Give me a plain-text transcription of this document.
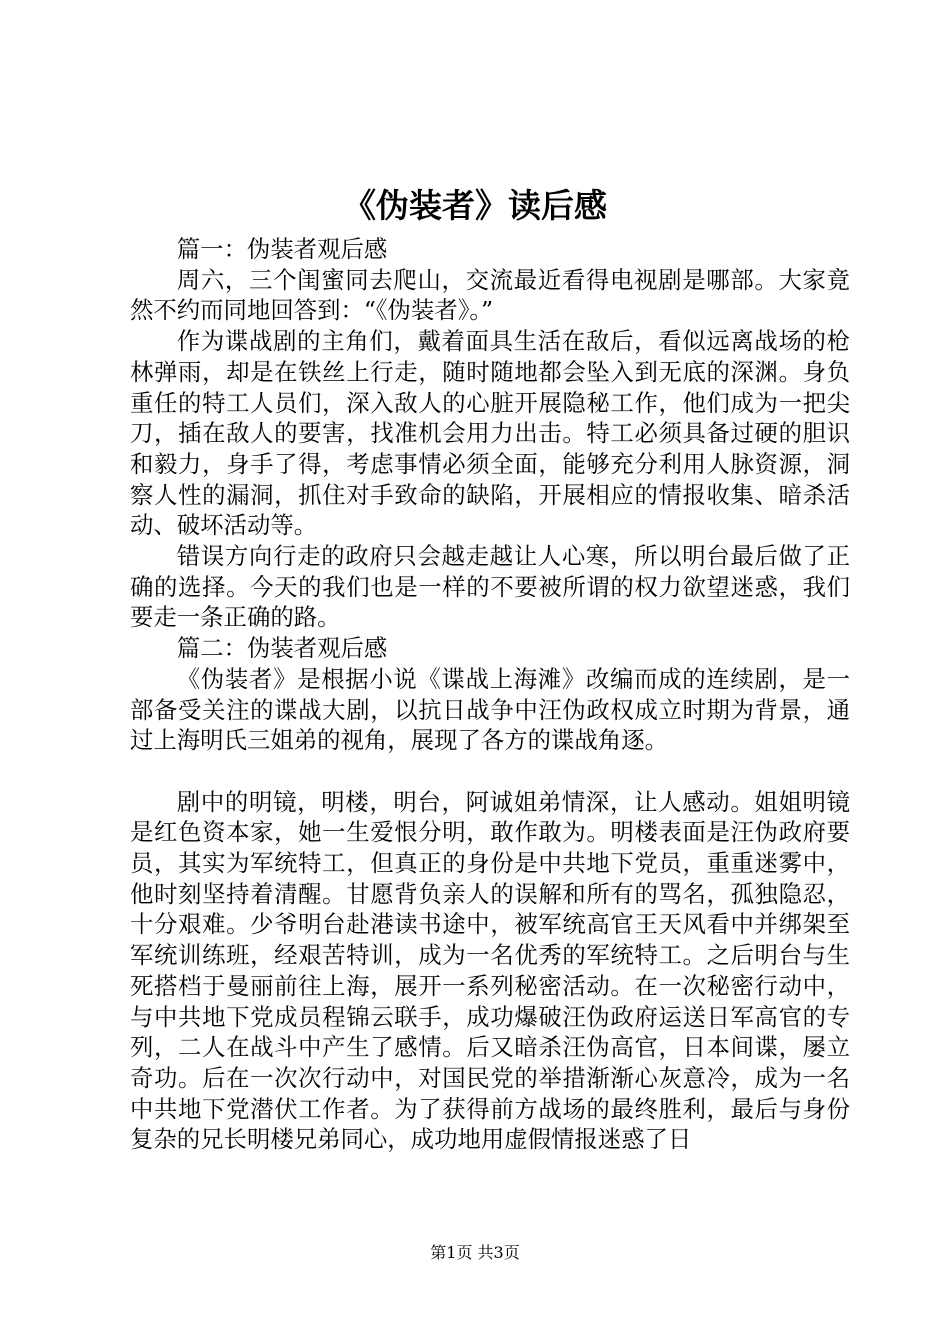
《伪装者》读后感

篇一：伪装者观后感

周六，三个闺蜜同去爬山，交流最近看得电视剧是哪部。大家竟然不约而同地回答到：“《伪装者》。”

作为谍战剧的主角们，戴着面具生活在敌后，看似远离战场的枪林弹雨，却是在铁丝上行走，随时随地都会坠入到无底的深渊。身负重任的特工人员们，深入敌人的心脏开展隐秘工作，他们成为一把尖刀，插在敌人的要害，找准机会用力出击。特工必须具备过硬的胆识和毅力，身手了得，考虑事情必须全面，能够充分利用人脉资源，洞察人性的漏洞，抓住对手致命的缺陷，开展相应的情报收集、暗杀活动、破坏活动等。

错误方向行走的政府只会越走越让人心寒，所以明台最后做了正确的选择。今天的我们也是一样的不要被所谓的权力欲望迷惑，我们要走一条正确的路。

篇二：伪装者观后感

《伪装者》是根据小说《谍战上海滩》改编而成的连续剧，是一部备受关注的谍战大剧，以抗日战争中汪伪政权成立时期为背景，通过上海明氏三姐弟的视角，展现了各方的谍战角逐。

剧中的明镜，明楼，明台，阿诚姐弟情深，让人感动。姐姐明镜是红色资本家，她一生爱恨分明，敢作敢为。明楼表面是汪伪政府要员，其实为军统特工，但真正的身份是中共地下党员，重重迷雾中，他时刻坚持着清醒。甘愿背负亲人的误解和所有的骂名，孤独隐忍，十分艰难。少爷明台赴港读书途中，被军统高官王天风看中并绑架至军统训练班，经艰苦特训，成为一名优秀的军统特工。之后明台与生死搭档于曼丽前往上海，展开一系列秘密活动。在一次秘密行动中，与中共地下党成员程锦云联手，成功爆破汪伪政府运送日军高官的专列，二人在战斗中产生了感情。后又暗杀汪伪高官，日本间谍，屡立奇功。后在一次次行动中，对国民党的举措渐渐心灰意冷，成为一名中共地下党潜伏工作者。为了获得前方战场的最终胜利，最后与身份复杂的兄长明楼兄弟同心，成功地用虚假情报迷惑了日

第1页 共3页
